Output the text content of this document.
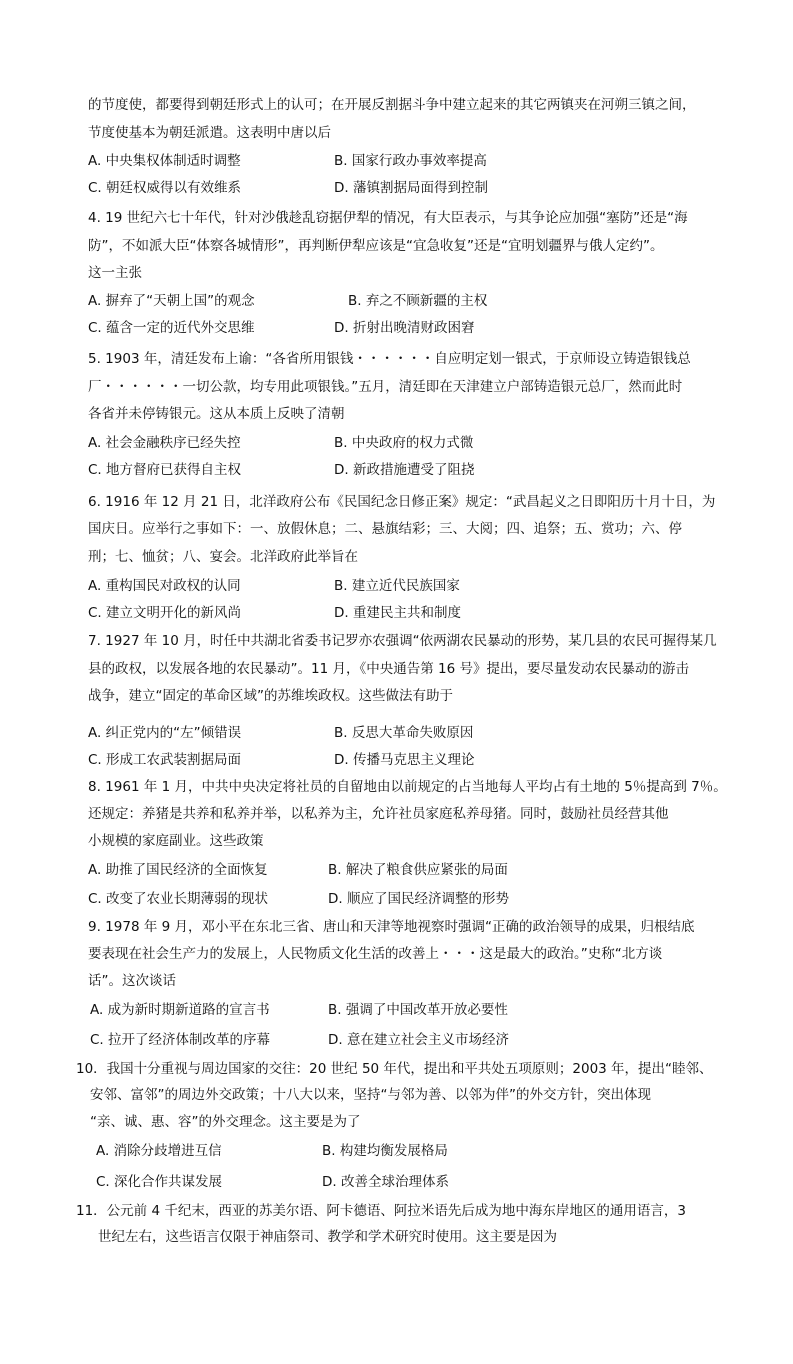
的节度使，都要得到朝廷形式上的认可；在开展反割据斗争中建立起来的其它两镇夹在河朔三镇之间，
节度使基本为朝廷派遣。这表明中唐以后
A. 中央集权体制适时调整	B. 国家行政办事效率提高
C. 朝廷权威得以有效维系	D. 藩镇割据局面得到控制
4. 19 世纪六七十年代，针对沙俄趁乱窃据伊犁的情况，有大臣表示，与其争论应加强“塞防”还是“海
防”，不如派大臣“体察各城情形”，再判断伊犁应该是“宜急收复”还是“宜明划疆界与俄人定约”。
这一主张
A. 摒弃了“天朝上国”的观念	B. 弃之不顾新疆的主权
C. 蕴含一定的近代外交思维	D. 折射出晚清财政困窘
5. 1903 年，清廷发布上谕：“各省所用银钱・・・・・・自应明定划一银式，于京师设立铸造银钱总
厂・・・・・・一切公款，均专用此项银钱。”五月，清廷即在天津建立户部铸造银元总厂，然而此时
各省并未停铸银元。这从本质上反映了清朝
A. 社会金融秩序已经失控	B. 中央政府的权力式微
C. 地方督府已获得自主权	D. 新政措施遭受了阻挠
6. 1916 年 12 月 21 日，北洋政府公布《民国纪念日修正案》规定：“武昌起义之日即阳历十月十日，为
国庆日。应举行之事如下：一、放假休息；二、悬旗结彩；三、大阅；四、追祭；五、赏功；六、停
刑；七、恤贫；八、宴会。北洋政府此举旨在
A. 重构国民对政权的认同	B. 建立近代民族国家
C. 建立文明开化的新风尚	D. 重建民主共和制度
7. 1927 年 10 月，时任中共湖北省委书记罗亦农强调“依两湖农民暴动的形势，某几县的农民可握得某几
县的政权，以发展各地的农民暴动”。11 月，《中央通告第 16 号》提出，要尽量发动农民暴动的游击
战争，建立“固定的革命区域”的苏维埃政权。这些做法有助于
A. 纠正党内的“左”倾错误	B. 反思大革命失败原因
C. 形成工农武装割据局面	D. 传播马克思主义理论
8. 1961 年 1 月，中共中央决定将社员的自留地由以前规定的占当地每人平均占有土地的 5％提高到 7％。
还规定：养猪是共养和私养并举，以私养为主，允许社员家庭私养母猪。同时，鼓励社员经营其他
小规模的家庭副业。这些政策
A. 助推了国民经济的全面恢复	B. 解决了粮食供应紧张的局面
C. 改变了农业长期薄弱的现状	D. 顺应了国民经济调整的形势
9. 1978 年 9 月，邓小平在东北三省、唐山和天津等地视察时强调“正确的政治领导的成果，归根结底
要表现在社会生产力的发展上，人民物质文化生活的改善上・・・这是最大的政治。”史称“北方谈
话”。这次谈话
A. 成为新时期新道路的宣言书	B. 强调了中国改革开放必要性
C. 拉开了经济体制改革的序幕	D. 意在建立社会主义市场经济
10．我国十分重视与周边国家的交往：20 世纪 50 年代，提出和平共处五项原则；2003 年，提出“睦邻、
安邻、富邻”的周边外交政策；十八大以来，坚持“与邻为善、以邻为伴”的外交方针，突出体现
“亲、诚、惠、容”的外交理念。这主要是为了
A. 消除分歧增进互信	B. 构建均衡发展格局
C. 深化合作共谋发展	D. 改善全球治理体系
11．公元前 4 千纪末，西亚的苏美尔语、阿卡德语、阿拉米语先后成为地中海东岸地区的通用语言，3
世纪左右，这些语言仅限于神庙祭司、教学和学术研究时使用。这主要是因为
